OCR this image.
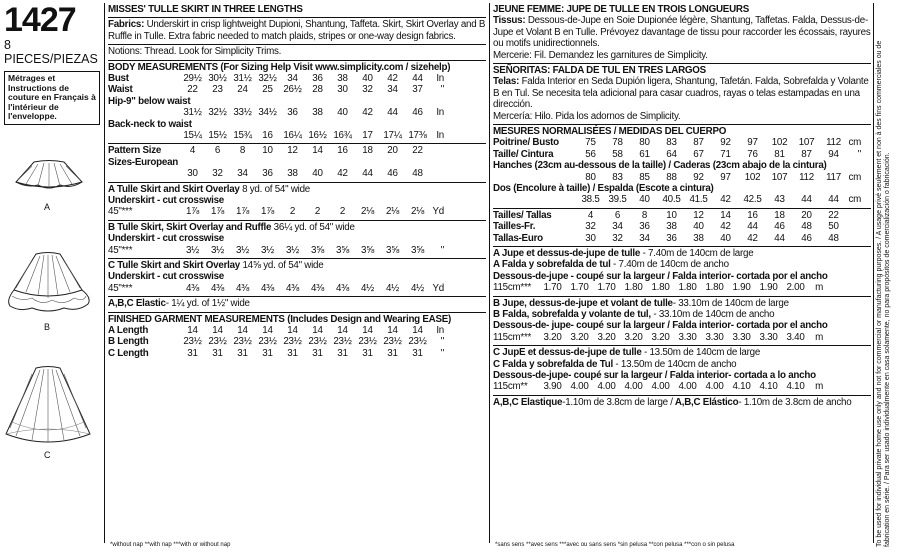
1427
8 PIECES/PIEZAS
Métrages et Instructions de couture en Français à l'intérieur de l'enveloppe.
A
B
C
MISSES' TULLE SKIRT IN THREE LENGTHS
Fabrics: Underskirt in crisp lightweight Dupioni, Shantung, Taffeta. Skirt, Skirt Overlay and B Ruffle in Tulle. Extra fabric needed to match plaids, stripes or one-way design fabrics.
Notions: Thread. Look for Simplicity Trims.
BODY MEASUREMENTS (For Sizing Help Visit www.simplicity.com / sizehelp)
Bust	29½ 30½ 31½ 32½	34	36	38	40	42	44	In
Waist	22	23	24	25	26½	28	30	32	34	37	"
Hip-9" below waist
31½ 32½ 33½ 34½	36	38	40	42	44	46	In
Back-neck to waist
15¼ 15½ 15¾	16	16¼ 16½ 16¾	17	17¼ 17⅜ In
Pattern Size	4	6	8	10	12	14	16	18	20	22
Sizes-European
30	32	34	36	38	40	42	44	46	48
A Tulle Skirt and Skirt Overlay 8 yd. of 54" wide
Underskirt - cut crosswise
45"***	1⅞	1⅞	1⅞	1⅞	2	2	2	2⅛	2⅛	2⅛ Yd
B Tulle Skirt, Skirt Overlay and Ruffle 36¼ yd. of 54" wide
Underskirt - cut crosswise
45"***	3½	3½	3½	3½	3½	3⅝	3⅝	3⅝	3⅝	3⅝	"
C Tulle Skirt and Skirt Overlay 14⅝ yd. of 54" wide
Underskirt - cut crosswise
45"***	4⅜	4⅜	4⅜	4⅜	4⅜	4⅜	4⅜	4½	4½	4½ Yd
A,B,C Elastic- 1¼ yd. of 1½" wide
FINISHED GARMENT MEASUREMENTS (Includes Design and Wearing EASE)
A Length	14	14	14	14	14	14	14	14	14	14	In
B Length	23½ 23½ 23½ 23½ 23½ 23½ 23½ 23½ 23½ 23½	"
C Length	31	31	31	31	31	31	31	31	31	31	"
*without nap **with nap ***with or without nap
JEUNE FEMME: JUPE DE TULLE EN TROIS LONGUEURS
Tissus: Dessous-de-Jupe en Soie Dupionée légère, Shantung, Taffetas. Falda, Dessus-de-Jupe et Volant B en Tulle. Prévoyez davantage de tissu pour raccorder les écossais, rayures ou motifs unidirectionnels.
Mercerie: Fil. Demandez les garnitures de Simplicity.
SEÑORITAS: FALDA DE TUL EN TRES LARGOS
Telas: Falda Interior en Seda Dupión ligera, Shantung, Tafetán. Falda, Sobrefalda y Volante B en Tul. Se necesita tela adicional para casar cuadros, rayas o telas estampadas en una dirección.
Mercería: Hilo. Pida los adornos de Simplicity.
MESURES NORMALISÉES / MEDIDAS DEL CUERPO
Poitrine/ Busto	75	78	80	83	87	92	97	102	107	112 cm
Taille/ Cintura	56	58	61	64	67	71	76	81	87	94	"
Hanches (23cm au-dessous de la taille) / Caderas (23cm abajo de la cintura)
80	83	85	88	92	97	102	107	112	117 cm
Dos (Encolure à taille) / Espalda (Escote a cintura)
38.5 39.5	40	40.5 41.5	42	42.5	43	44	44 cm
Tailles/ Tallas	4	6	8	10	12	14	16	18	20	22
Tailles-Fr.	32	34	36	38	40	42	44	46	48	50
Tallas-Euro	30	32	34	36	38	40	42	44	46	48
A Jupe et dessus-de-jupe de tulle - 7.40m de 140cm de large
A Falda y sobrefalda de tul - 7.40m de 140cm de ancho
Dessous-de-jupe - coupé sur la largeur / Falda interior- cortada por el ancho
115cm***	1.70 1.70 1.70 1.80 1.80 1.80 1.80 1.90 1.90 2.00	m
B Jupe, dessus-de-jupe et volant de tulle- 33.10m de 140cm de large
B Falda, sobrefalda y volante de tul, - 33.10m de 140cm de ancho
Dessous-de- jupe- coupé sur la largeur / Falda interior- cortada por el ancho
115cm***	3.20 3.20 3.20 3.20 3.20 3.30 3.30 3.30 3.30 3.40	m
C JupE et dessus-de-jupe de tulle - 13.50m de 140cm de large
C Falda y sobrefalda de Tul - 13.50m de 140cm de ancho
Dessous-de-jupe- coupé sur la largeur / Falda interior- cortada a lo ancho
115cm**	3.90 4.00 4.00 4.00 4.00 4.00 4.00 4.10 4.10 4.10	m
A,B,C Elastique-1.10m de 3.8cm de large / A,B,C Elástico- 1.10m de 3.8cm de ancho
*sans sens **avec sens ***avec ou sans sens *sin pelusa **con pelusa ***con o sin pelusa	To be used for individual private home use only and not for commercial or manufacturing purposes. / A usage privé seulement et non à des fins commerciales ou de fabrication en série. / Para ser usado individualmente en casa solamente, no para propósitos de comercialización o fabricación.
